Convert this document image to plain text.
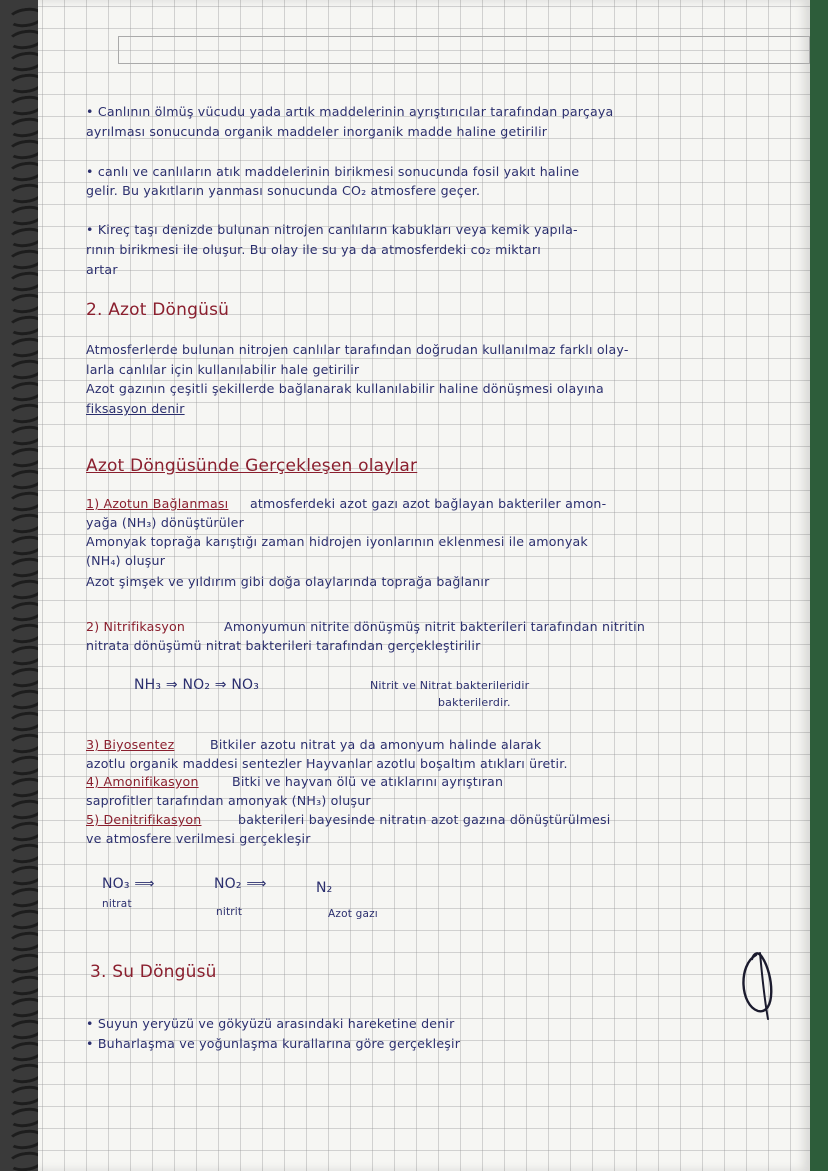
• Canlının ölmüş vücudu yada artık maddelerinin ayrıştırıcılar tarafından parçaya
ayrılması sonucunda organik maddeler inorganik madde haline getirilir
• canlı ve canlıların atık maddelerinin birikmesi sonucunda fosil yakıt haline
gelir. Bu yakıtların yanması sonucunda CO₂ atmosfere geçer.
• Kireç taşı denizde bulunan nitrojen canlıların kabukları veya kemik yapıla-
rının birikmesi ile oluşur. Bu olay ile su ya da atmosferdeki co₂ miktarı
artar
2. Azot Döngüsü
Atmosferlerde bulunan nitrojen canlılar tarafından doğrudan kullanılmaz farklı olay-
larla canlılar için kullanılabilir hale getirilir
Azot gazının çeşitli şekillerde bağlanarak kullanılabilir haline dönüşmesi olayına
fiksasyon denir
Azot Döngüsünde Gerçekleşen olaylar
1) Azotun Bağlanması atmosferdeki azot gazı azot bağlayan bakteriler amon-
yağa (NH₃) dönüştürüler
Amonyak toprağa karıştığı zaman hidrojen iyonlarının eklenmesi ile amonyak
(NH₄) oluşur
Azot şimşek ve yıldırım gibi doğa olaylarında toprağa bağlanır
2) Nitrifikasyon	Amonyumun nitrite dönüşmüş nitrit bakterileri tarafından nitritin
nitrata dönüşümü nitrat bakterileri tarafından gerçekleştirilir
NH₃ ⇒ NO₂ ⇒ NO₃	Nitrit ve Nitrat bakterileridir
bakterilerdir.
3) Biyosentez	Bitkiler azotu nitrat ya da amonyum halinde alarak
azotlu organik maddesi sentezler Hayvanlar azotlu boşaltım atıkları üretir.
4) Amonifikasyon	Bitki ve hayvan ölü ve atıklarını ayrıştıran
saprofitler tarafından amonyak (NH₃) oluşur
5) Denitrifikasyon	bakterileri bayesinde nitratın azot gazına dönüştürülmesi
ve atmosfere verilmesi gerçekleşir
NO₃ ⟹	NO₂ ⟹	N₂
nitrat
nitrit	Azot gazı
3. Su Döngüsü
• Suyun yeryüzü ve gökyüzü arasındaki hareketine denir
• Buharlaşma ve yoğunlaşma kurallarına göre gerçekleşir
